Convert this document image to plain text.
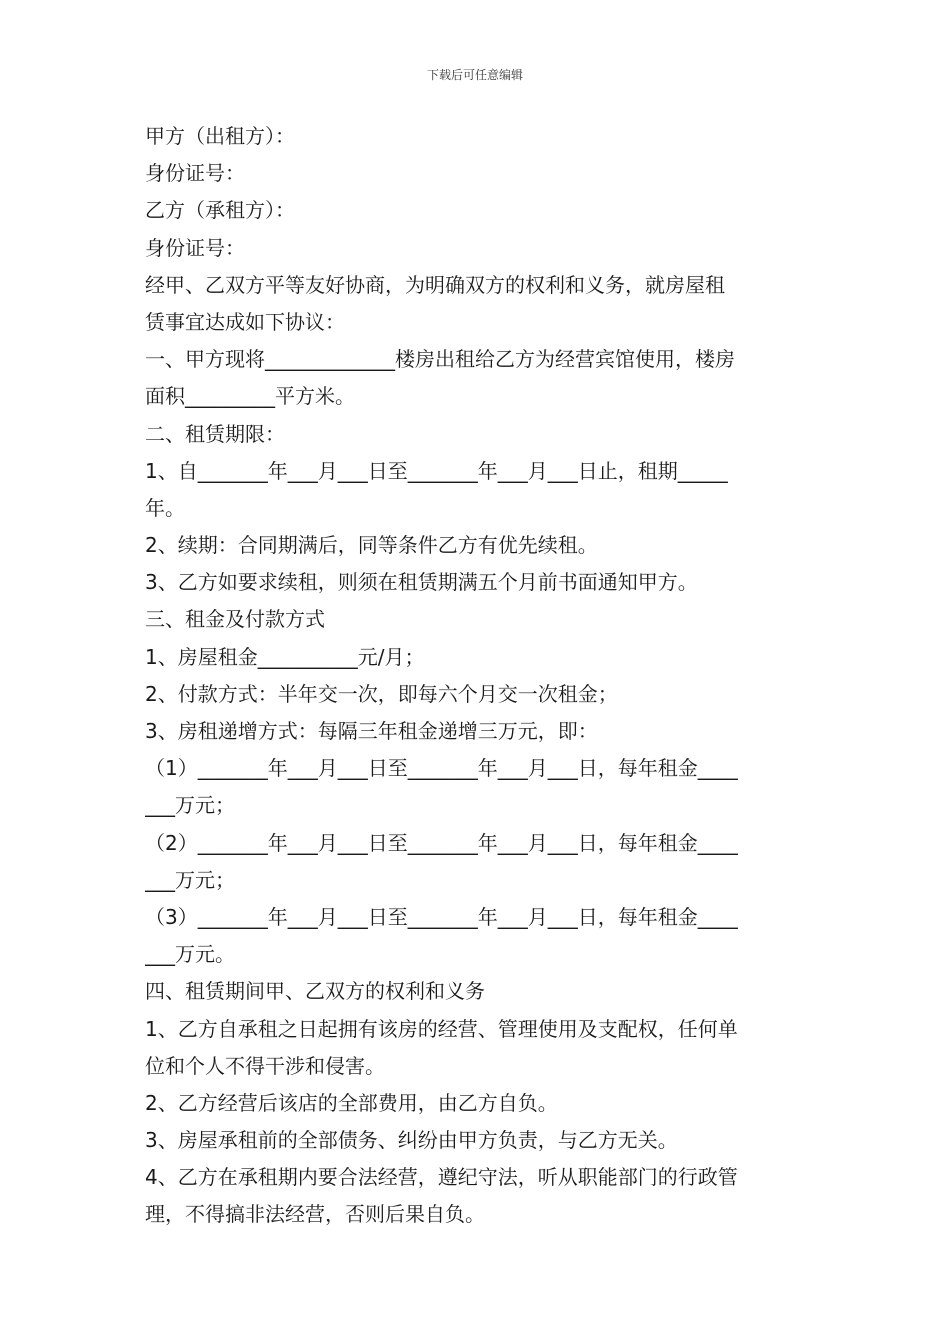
下载后可任意编辑
甲方（出租方）：
身份证号：
乙方（承租方）：
身份证号：
经甲、乙双方平等友好协商，为明确双方的权利和义务，就房屋租
赁事宜达成如下协议：
一、甲方现将_____________楼房出租给乙方为经营宾馆使用，楼房
面积_________平方米。
二、租赁期限：
1、自_______年___月___日至_______年___月___日止，租期_____
年。
2、续期：合同期满后，同等条件乙方有优先续租。
3、乙方如要求续租，则须在租赁期满五个月前书面通知甲方。
三、租金及付款方式
1、房屋租金__________元/月；
2、付款方式：半年交一次，即每六个月交一次租金；
3、房租递增方式：每隔三年租金递增三万元，即：
（1）_______年___月___日至_______年___月___日，每年租金____
___万元；
（2）_______年___月___日至_______年___月___日，每年租金____
___万元；
（3）_______年___月___日至_______年___月___日，每年租金____
___万元。
四、租赁期间甲、乙双方的权利和义务
1、乙方自承租之日起拥有该房的经营、管理使用及支配权，任何单
位和个人不得干涉和侵害。
2、乙方经营后该店的全部费用，由乙方自负。
3、房屋承租前的全部债务、纠纷由甲方负责，与乙方无关。
4、乙方在承租期内要合法经营，遵纪守法，听从职能部门的行政管
理，不得搞非法经营，否则后果自负。
